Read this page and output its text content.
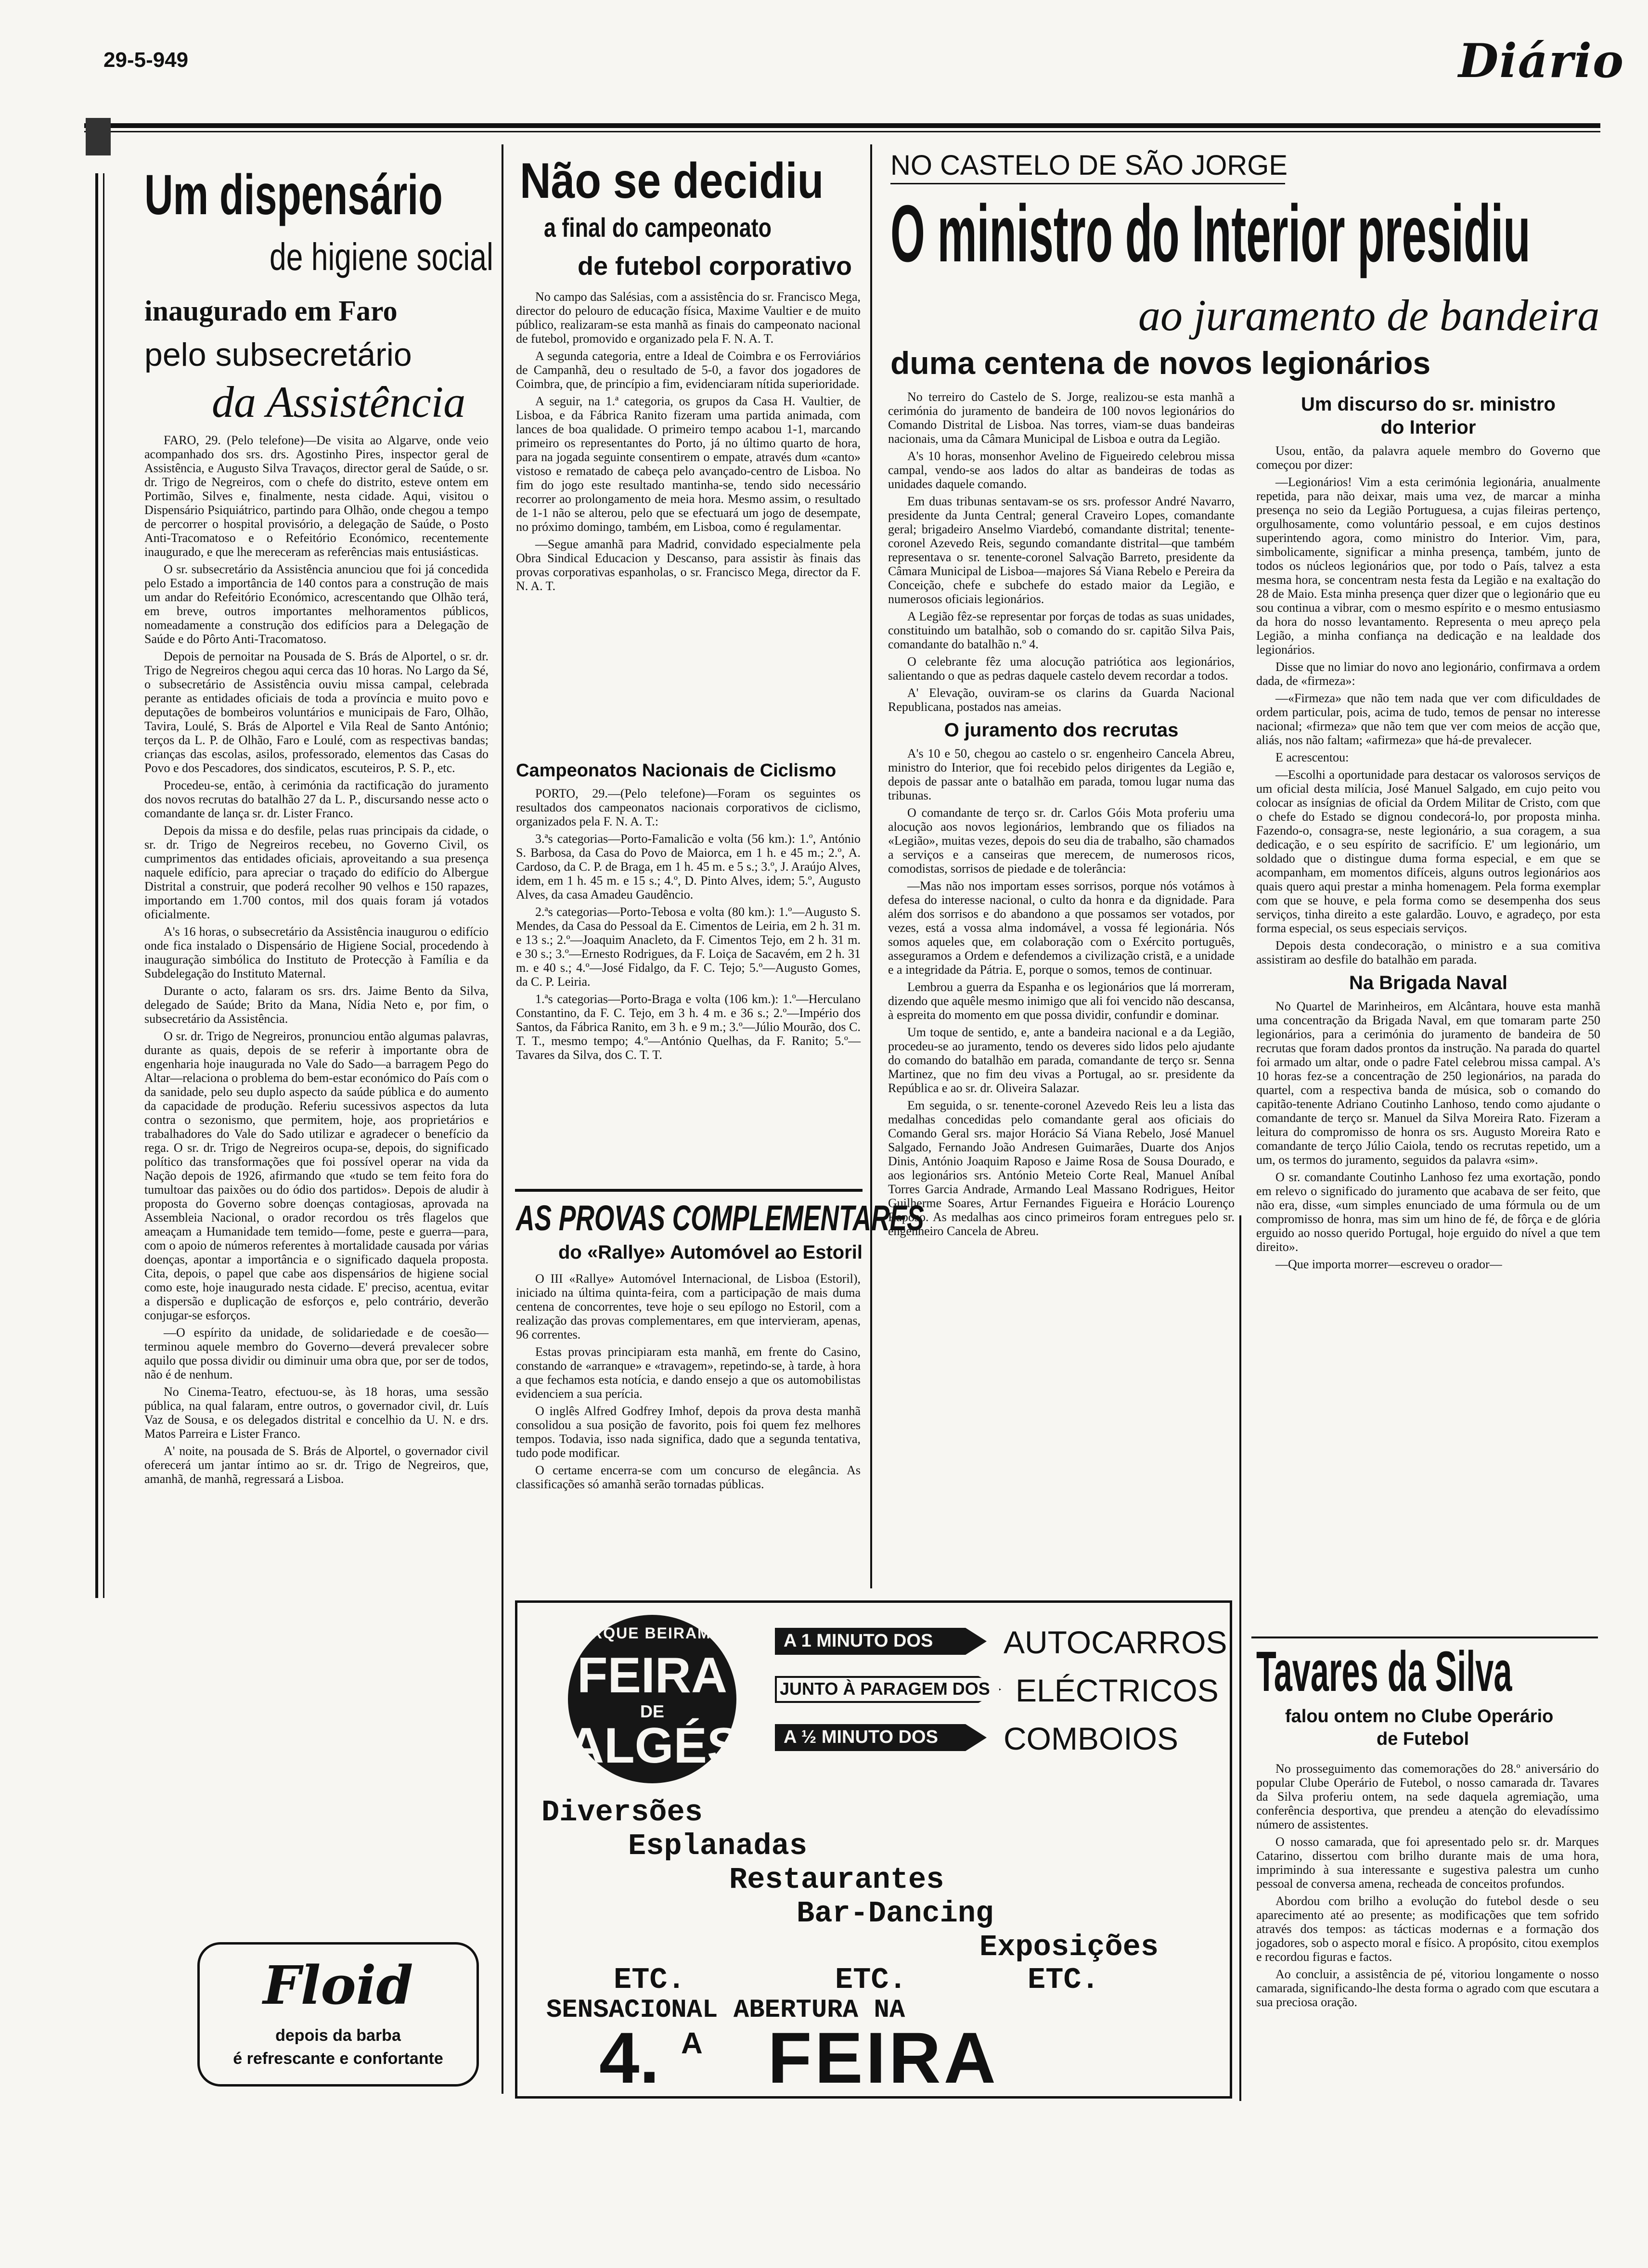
29-5-949	Diário
Um dispensário
de higiene social
inaugurado em Faro
pelo subsecretário
da Assistência

FARO, 29. (Pelo telefone)—De visita ao Algarve, onde veio acompanhado dos srs. drs. Agostinho Pires, inspector geral de Assistência, e Augusto Silva Travaços, director geral de Saúde, o sr. dr. Trigo de Negreiros, com o chefe do distrito, esteve ontem em Portimão, Silves e, finalmente, nesta cidade. Aqui, visitou o Dispensário Psiquiátrico, partindo para Olhão, onde chegou a tempo de percorrer o hospital provisório, a delegação de Saúde, o Posto Anti-Tracomatoso e o Refeitório Económico, recentemente inaugurado, e que lhe mereceram as referências mais entusiásticas.

O sr. subsecretário da Assistência anunciou que foi já concedida pelo Estado a importância de 140 contos para a construção de mais um andar do Refeitório Económico, acrescentando que Olhão terá, em breve, outros importantes melhoramentos públicos, nomeadamente a construção dos edifícios para a Delegação de Saúde e do Pôrto Anti-Tracomatoso.

Depois de pernoitar na Pousada de S. Brás de Alportel, o sr. dr. Trigo de Negreiros chegou aqui cerca das 10 horas. No Largo da Sé, o subsecretário de Assistência ouviu missa campal, celebrada perante as entidades oficiais de toda a província e muito povo e deputações de bombeiros voluntários e municipais de Faro, Olhão, Tavira, Loulé, S. Brás de Alportel e Vila Real de Santo António; terços da L. P. de Olhão, Faro e Loulé, com as respectivas bandas; crianças das escolas, asilos, professorado, elementos das Casas do Povo e dos Pescadores, dos sindicatos, escuteiros, P. S. P., etc.

Procedeu-se, então, à cerimónia da ractificação do juramento dos novos recrutas do batalhão 27 da L. P., discursando nesse acto o comandante de lança sr. dr. Lister Franco.

Depois da missa e do desfile, pelas ruas principais da cidade, o sr. dr. Trigo de Negreiros recebeu, no Governo Civil, os cumprimentos das entidades oficiais, aproveitando a sua presença naquele edifício, para apreciar o traçado do edifício do Albergue Distrital a construir, que poderá recolher 90 velhos e 150 rapazes, importando em 1.700 contos, mil dos quais foram já votados oficialmente.

A's 16 horas, o subsecretário da Assistência inaugurou o edifício onde fica instalado o Dispensário de Higiene Social, procedendo à inauguração simbólica do Instituto de Protecção à Família e da Subdelegação do Instituto Maternal.

Durante o acto, falaram os srs. drs. Jaime Bento da Silva, delegado de Saúde; Brito da Mana, Nídia Neto e, por fim, o subsecretário da Assistência.

O sr. dr. Trigo de Negreiros, pronunciou então algumas palavras, durante as quais, depois de se referir à importante obra de engenharia hoje inaugurada no Vale do Sado—a barragem Pego do Altar—relaciona o problema do bem-estar económico do País com o da sanidade, pelo seu duplo aspecto da saúde pública e do aumento da capacidade de produção. Referiu sucessivos aspectos da luta contra o sezonismo, que permitem, hoje, aos proprietários e trabalhadores do Vale do Sado utilizar e agradecer o benefício da rega. O sr. dr. Trigo de Negreiros ocupa-se, depois, do significado político das transformações que foi possível operar na vida da Nação depois de 1926, afirmando que «tudo se tem feito fora do tumultoar das paixões ou do ódio dos partidos». Depois de aludir à proposta do Governo sobre doenças contagiosas, aprovada na Assembleia Nacional, o orador recordou os três flagelos que ameaçam a Humanidade tem temido—fome, peste e guerra—para, com o apoio de números referentes à mortalidade causada por várias doenças, apontar a importância e o significado daquela proposta. Cita, depois, o papel que cabe aos dispensários de higiene social como este, hoje inaugurado nesta cidade. E' preciso, acentua, evitar a dispersão e duplicação de esforços e, pelo contrário, deverão conjugar-se esforços.

—O espírito da unidade, de solidariedade e de coesão—terminou aquele membro do Governo—deverá prevalecer sobre aquilo que possa dividir ou diminuir uma obra que, por ser de todos, não é de nenhum.

No Cinema-Teatro, efectuou-se, às 18 horas, uma sessão pública, na qual falaram, entre outros, o governador civil, dr. Luís Vaz de Sousa, e os delegados distrital e concelhio da U. N. e drs. Matos Parreira e Lister Franco.

A' noite, na pousada de S. Brás de Alportel, o governador civil oferecerá um jantar íntimo ao sr. dr. Trigo de Negreiros, que, amanhã, de manhã, regressará a Lisboa.

Floid
depois da barba
é refrescante e confortante
Não se decidiu
a final do campeonato
de futebol corporativo

No campo das Salésias, com a assistência do sr. Francisco Mega, director do pelouro de educação física, Maxime Vaultier e de muito público, realizaram-se esta manhã as finais do campeonato nacional de futebol, promovido e organizado pela F. N. A. T.

A segunda categoria, entre a Ideal de Coimbra e os Ferroviários de Campanhã, deu o resultado de 5-0, a favor dos jogadores de Coimbra, que, de princípio a fim, evidenciaram nítida superioridade.

A seguir, na 1.ª categoria, os grupos da Casa H. Vaultier, de Lisboa, e da Fábrica Ranito fizeram uma partida animada, com lances de boa qualidade. O primeiro tempo acabou 1-1, marcando primeiro os representantes do Porto, já no último quarto de hora, para na jogada seguinte consentirem o empate, através dum «canto» vistoso e rematado de cabeça pelo avançado-centro de Lisboa. No fim do jogo este resultado mantinha-se, tendo sido necessário recorrer ao prolongamento de meia hora. Mesmo assim, o resultado de 1-1 não se alterou, pelo que se efectuará um jogo de desempate, no próximo domingo, também, em Lisboa, como é regulamentar.

—Segue amanhã para Madrid, convidado especialmente pela Obra Sindical Educacion y Descanso, para assistir às finais das provas corporativas espanholas, o sr. Francisco Mega, director da F. N. A. T.

Campeonatos Nacionais de Ciclismo

PORTO, 29.—(Pelo telefone)—Foram os seguintes os resultados dos campeonatos nacionais corporativos de ciclismo, organizados pela F. N. A. T.:

3.ªs categorias—Porto-Famalicão e volta (56 km.): 1.º, António S. Barbosa, da Casa do Povo de Maiorca, em 1 h. e 45 m.; 2.º, A. Cardoso, da C. P. de Braga, em 1 h. 45 m. e 5 s.; 3.º, J. Araújo Alves, idem, em 1 h. 45 m. e 15 s.; 4.º, D. Pinto Alves, idem; 5.º, Augusto Alves, da casa Amadeu Gaudêncio.

2.ªs categorias—Porto-Tebosa e volta (80 km.): 1.º—Augusto S. Mendes, da Casa do Pessoal da E. Cimentos de Leiria, em 2 h. 31 m. e 13 s.; 2.º—Joaquim Anacleto, da F. Cimentos Tejo, em 2 h. 31 m. e 30 s.; 3.º—Ernesto Rodrigues, da F. Loiça de Sacavém, em 2 h. 31 m. e 40 s.; 4.º—José Fidalgo, da F. C. Tejo; 5.º—Augusto Gomes, da C. P. Leiria.

1.ªs categorias—Porto-Braga e volta (106 km.): 1.º—Herculano Constantino, da F. C. Tejo, em 3 h. 4 m. e 36 s.; 2.º—Império dos Santos, da Fábrica Ranito, em 3 h. e 9 m.; 3.º—Júlio Mourão, dos C. T. T., mesmo tempo; 4.º—António Quelhas, da F. Ranito; 5.º—Tavares da Silva, dos C. T. T.

AS PROVAS COMPLEMENTARES
do «Rallye» Automóvel ao Estoril

O III «Rallye» Automóvel Internacional, de Lisboa (Estoril), iniciado na última quinta-feira, com a participação de mais duma centena de concorrentes, teve hoje o seu epílogo no Estoril, com a realização das provas complementares, em que intervieram, apenas, 96 correntes.

Estas provas principiaram esta manhã, em frente do Casino, constando de «arranque» e «travagem», repetindo-se, à tarde, à hora a que fechamos esta notícia, e dando ensejo a que os automobilistas evidenciem a sua perícia.

O inglês Alfred Godfrey Imhof, depois da prova desta manhã consolidou a sua posição de favorito, pois foi quem fez melhores tempos. Todavia, isso nada significa, dado que a segunda tentativa, tudo pode modificar.

O certame encerra-se com um concurso de elegância. As classificações só amanhã serão tornadas públicas.

NO CASTELO DE SÃO JORGE
O ministro do Interior presidiu
ao juramento de bandeira
duma centena de novos legionários

No terreiro do Castelo de S. Jorge, realizou-se esta manhã a cerimónia do juramento de bandeira de 100 novos legionários do Comando Distrital de Lisboa. Nas torres, viam-se duas bandeiras nacionais, uma da Câmara Municipal de Lisboa e outra da Legião.

A's 10 horas, monsenhor Avelino de Figueiredo celebrou missa campal, vendo-se aos lados do altar as bandeiras de todas as unidades daquele comando.

Em duas tribunas sentavam-se os srs. professor André Navarro, presidente da Junta Central; general Craveiro Lopes, comandante geral; brigadeiro Anselmo Viardebó, comandante distrital; tenente-coronel Azevedo Reis, segundo comandante distrital—que também representava o sr. tenente-coronel Salvação Barreto, presidente da Câmara Municipal de Lisboa—majores Sá Viana Rebelo e Pereira da Conceição, chefe e subchefe do estado maior da Legião, e numerosos oficiais legionários.

A Legião fêz-se representar por forças de todas as suas unidades, constituindo um batalhão, sob o comando do sr. capitão Silva Pais, comandante do batalhão n.º 4.

O celebrante fêz uma alocução patriótica aos legionários, salientando o que as pedras daquele castelo devem recordar a todos.

A' Elevação, ouviram-se os clarins da Guarda Nacional Republicana, postados nas ameias.

O juramento dos recrutas

A's 10 e 50, chegou ao castelo o sr. engenheiro Cancela Abreu, ministro do Interior, que foi recebido pelos dirigentes da Legião e, depois de passar ante o batalhão em parada, tomou lugar numa das tribunas.

O comandante de terço sr. dr. Carlos Góis Mota proferiu uma alocução aos novos legionários, lembrando que os filiados na «Legião», muitas vezes, depois do seu dia de trabalho, são chamados a serviços e a canseiras que merecem, de numerosos ricos, comodistas, sorrisos de piedade e de tolerância:

—Mas não nos importam esses sorrisos, porque nós votámos à defesa do interesse nacional, o culto da honra e da dignidade. Para além dos sorrisos e do abandono a que possamos ser votados, por vezes, está a vossa alma indomável, a vossa fé legionária. Nós somos aqueles que, em colaboração com o Exército português, asseguramos a Ordem e defendemos a civilização cristã, e a unidade e a integridade da Pátria. E, porque o somos, temos de continuar.

Lembrou a guerra da Espanha e os legionários que lá morreram, dizendo que aquêle mesmo inimigo que ali foi vencido não descansa, à espreita do momento em que possa dividir, confundir e dominar.

Um toque de sentido, e, ante a bandeira nacional e a da Legião, procedeu-se ao juramento, tendo os deveres sido lidos pelo ajudante do comando do batalhão em parada, comandante de terço sr. Senna Martinez, que no fim deu vivas a Portugal, ao sr. presidente da República e ao sr. dr. Oliveira Salazar.

Em seguida, o sr. tenente-coronel Azevedo Reis leu a lista das medalhas concedidas pelo comandante geral aos oficiais do Comando Geral srs. major Horácio Sá Viana Rebelo, José Manuel Salgado, Fernando João Andresen Guimarães, Duarte dos Anjos Dinis, António Joaquim Raposo e Jaime Rosa de Sousa Dourado, e aos legionários srs. António Meteio Corte Real, Manuel Aníbal Torres Garcia Andrade, Armando Leal Massano Rodrigues, Heitor Guilherme Soares, Artur Fernandes Figueira e Horácio Lourenço Raposo. As medalhas aos cinco primeiros foram entregues pelo sr. engenheiro Cancela de Abreu.

Um discurso do sr. ministro
do Interior

Usou, então, da palavra aquele membro do Governo que começou por dizer:

—Legionários! Vim a esta cerimónia legionária, anualmente repetida, para não deixar, mais uma vez, de marcar a minha presença no seio da Legião Portuguesa, a cujas fileiras pertenço, orgulhosamente, como voluntário pessoal, e em cujos destinos superintendo agora, como ministro do Interior. Vim, para, simbolicamente, significar a minha presença, também, junto de todos os núcleos legionários que, por todo o País, talvez a esta mesma hora, se concentram nesta festa da Legião e na exaltação do 28 de Maio. Esta minha presença quer dizer que o legionário que eu sou continua a vibrar, com o mesmo espírito e o mesmo entusiasmo da hora do nosso levantamento. Representa o meu apreço pela Legião, a minha confiança na dedicação e na lealdade dos legionários.

Disse que no limiar do novo ano legionário, confirmava a ordem dada, de «firmeza»:

—«Firmeza» que não tem nada que ver com dificuldades de ordem particular, pois, acima de tudo, temos de pensar no interesse nacional; «firmeza» que não tem que ver com meios de acção que, aliás, nos não faltam; «afirmeza» que há-de prevalecer.

E acrescentou:

—Escolhi a oportunidade para destacar os valorosos serviços de um oficial desta milícia, José Manuel Salgado, em cujo peito vou colocar as insígnias de oficial da Ordem Militar de Cristo, com que o chefe do Estado se dignou condecorá-lo, por proposta minha. Fazendo-o, consagra-se, neste legionário, a sua coragem, a sua dedicação, e o seu espírito de sacrifício. E' um legionário, um soldado que o distingue duma forma especial, e em que se acompanham, em momentos difíceis, alguns outros legionários aos quais quero aqui prestar a minha homenagem. Pela forma exemplar com que se houve, e pela forma como se desempenha dos seus serviços, tinha direito a este galardão. Louvo, e agradeço, por esta forma especial, os seus especiais serviços.

Depois desta condecoração, o ministro e a sua comitiva assistiram ao desfile do batalhão em parada.

Na Brigada Naval

No Quartel de Marinheiros, em Alcântara, houve esta manhã uma concentração da Brigada Naval, em que tomaram parte 250 legionários, para a cerimónia do juramento de bandeira de 50 recrutas que foram dados prontos da instrução. Na parada do quartel foi armado um altar, onde o padre Fatel celebrou missa campal. A's 10 horas fez-se a concentração de 250 legionários, na parada do quartel, com a respectiva banda de música, sob o comando do capitão-tenente Adriano Coutinho Lanhoso, tendo como ajudante o comandante de terço sr. Manuel da Silva Moreira Rato. Fizeram a leitura do compromisso de honra os srs. Augusto Moreira Rato e comandante de terço Júlio Caiola, tendo os recrutas repetido, um a um, os termos do juramento, seguidos da palavra «sim».

O sr. comandante Coutinho Lanhoso fez uma exortação, pondo em relevo o significado do juramento que acabava de ser feito, que não era, disse, «um simples enunciado de uma fórmula ou de um compromisso de honra, mas sim um hino de fé, de fôrça e de glória erguido ao nosso querido Portugal, hoje erguido do nível a que tem direito».

—Que importa morrer—escreveu o orador—

PARQUE BEIRAMAR
FEIRA
DE
ALGÉS
A 1 MINUTO DOS AUTOCARROS
JUNTO À PARAGEM DOS ELÉCTRICOS
A ½ MINUTO DOS COMBOIOS
Diversões
Esplanadas
Restaurantes
Bar-Dancing
Exposições
ETC.	ETC.	ETC.
SENSACIONAL ABERTURA NA
4. A FEIRA
Tavares da Silva
falou ontem no Clube Operário
de Futebol

No prosseguimento das comemorações do 28.º aniversário do popular Clube Operário de Futebol, o nosso camarada dr. Tavares da Silva proferiu ontem, na sede daquela agremiação, uma conferência desportiva, que prendeu a atenção do elevadíssimo número de assistentes.

O nosso camarada, que foi apresentado pelo sr. dr. Marques Catarino, dissertou com brilho durante mais de uma hora, imprimindo à sua interessante e sugestiva palestra um cunho pessoal de conversa amena, recheada de conceitos profundos.

Abordou com brilho a evolução do futebol desde o seu aparecimento até ao presente; as modificações que tem sofrido através dos tempos: as tácticas modernas e a formação dos jogadores, sob o aspecto moral e físico. A propósito, citou exemplos e recordou figuras e factos.

Ao concluir, a assistência de pé, vitoriou longamente o nosso camarada, significando-lhe desta forma o agrado com que escutara a sua preciosa oração.
